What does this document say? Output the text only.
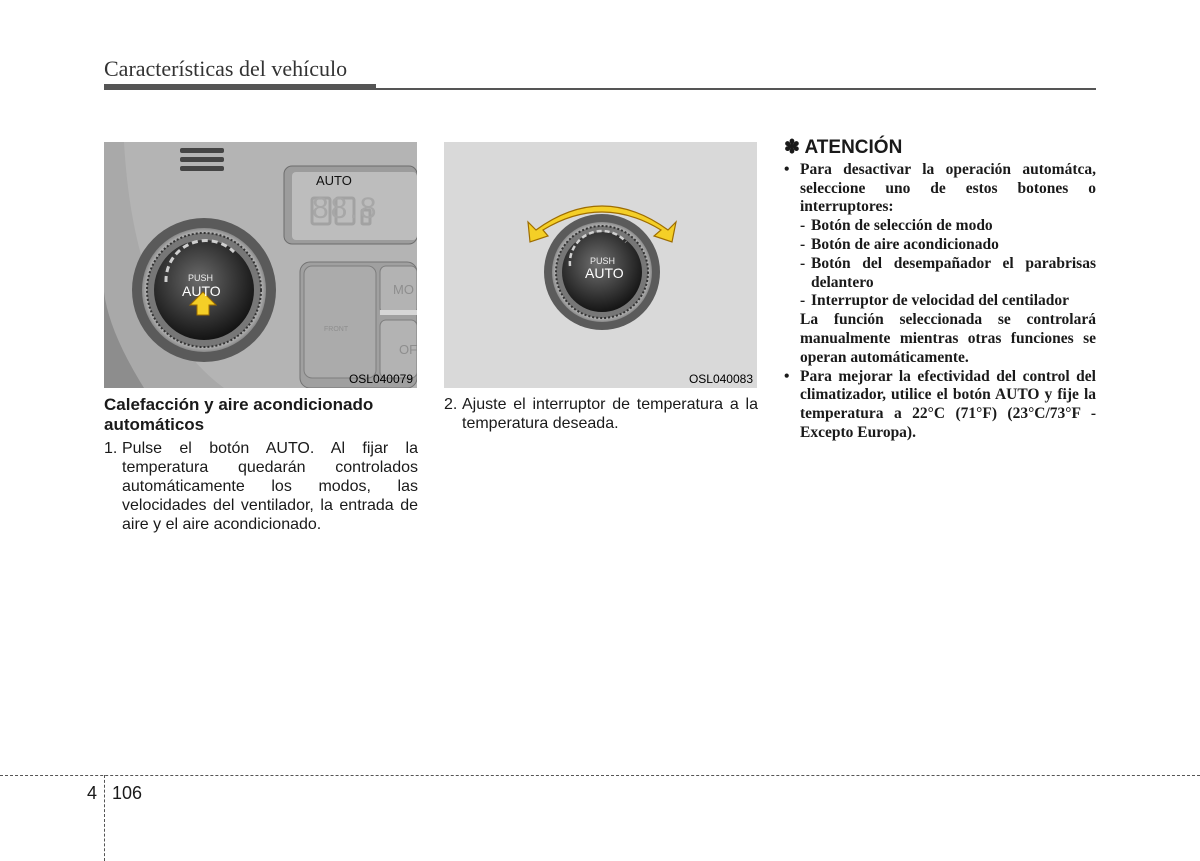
Características del vehículo
AUTO
88.8
PUSH
AUTO	MO
FRONT
OF
OSL040079
PUSH
AUTO
OSL040083
Calefacción y aire acondicionado automáticos
1. Pulse el botón AUTO. Al fijar la temperatura quedarán controlados automáticamente los modos, las velocidades del ventilador, la entrada de aire y el aire acondicionado.
2. Ajuste el interruptor de temperatura a la temperatura deseada.
✽ ATENCIÓN
• Para desactivar la operación automátca, seleccione uno de estos botones o interruptores:
- Botón de selección de modo
- Botón de aire acondicionado
- Botón del desempañador el parabrisas delantero
- Interruptor de velocidad del centilador
La función seleccionada se controlará manualmente mientras otras funciones se operan automáticamente.
• Para mejorar la efectividad del control del climatizador, utilice el botón AUTO y fije la temperatura a 22°C (71°F) (23°C/73°F - Excepto Europa).
4 106
